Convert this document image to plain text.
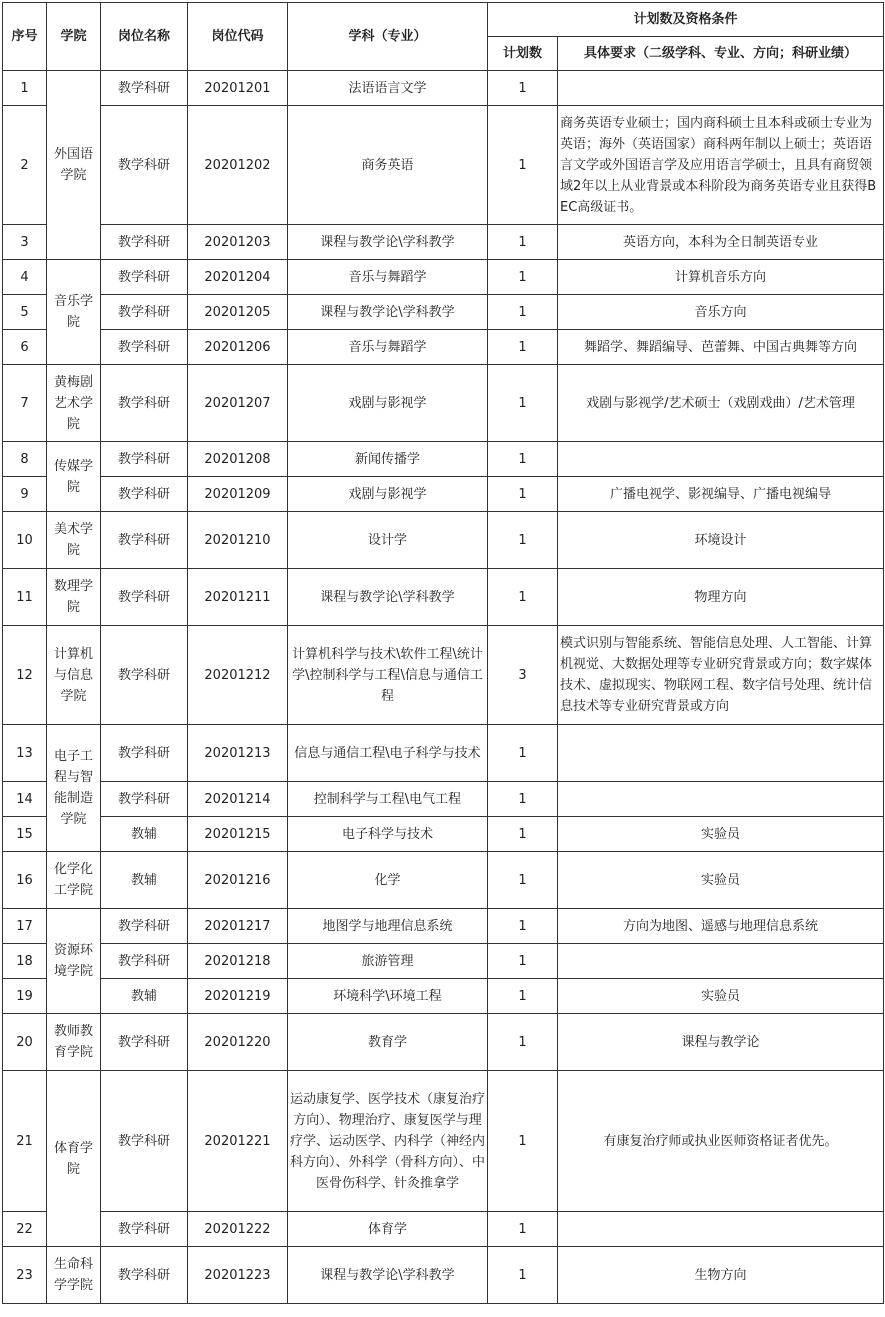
序号	学院	岗位名称	岗位代码	学科（专业）	计划数及资格条件	
					计划数	具体要求（二级学科、专业、方向；科研业绩）
1	外国语学院	教学科研	20201201	法语语言文学	1	
2		教学科研	20201202	商务英语	1	商务英语专业硕士；国内商科硕士且本科或硕士专业为英语；海外（英语国家）商科两年制以上硕士；英语语言文学或外国语言学及应用语言学硕士，且具有商贸领域2年以上从业背景或本科阶段为商务英语专业且获得BEC高级证书。
3		教学科研	20201203	课程与教学论\学科教学	1	英语方向，本科为全日制英语专业
4	音乐学院	教学科研	20201204	音乐与舞蹈学	1	计算机音乐方向
5		教学科研	20201205	课程与教学论\学科教学	1	音乐方向
6		教学科研	20201206	音乐与舞蹈学	1	舞蹈学、舞蹈编导、芭蕾舞、中国古典舞等方向
7	黄梅剧艺术学院	教学科研	20201207	戏剧与影视学	1	戏剧与影视学/艺术硕士（戏剧戏曲）/艺术管理
8	传媒学院	教学科研	20201208	新闻传播学	1	
9		教学科研	20201209	戏剧与影视学	1	广播电视学、影视编导、广播电视编导
10	美术学院	教学科研	20201210	设计学	1	环境设计
11	数理学院	教学科研	20201211	课程与教学论\学科教学	1	物理方向
12	计算机与信息学院	教学科研	20201212	计算机科学与技术\软件工程\统计学\控制科学与工程\信息与通信工程	3	模式识别与智能系统、智能信息处理、人工智能、计算机视觉、大数据处理等专业研究背景或方向；数字媒体技术、虚拟现实、物联网工程、数字信号处理、统计信息技术等专业研究背景或方向
13	电子工程与智能制造学院	教学科研	20201213	信息与通信工程\电子科学与技术	1	
14		教学科研	20201214	控制科学与工程\电气工程	1	
15		教辅	20201215	电子科学与技术	1	实验员
16	化学化工学院	教辅	20201216	化学	1	实验员
17	资源环境学院	教学科研	20201217	地图学与地理信息系统	1	方向为地图、遥感与地理信息系统
18		教学科研	20201218	旅游管理	1	
19		教辅	20201219	环境科学\环境工程	1	实验员
20	教师教育学院	教学科研	20201220	教育学	1	课程与教学论
21	体育学院	教学科研	20201221	运动康复学、医学技术（康复治疗方向）、物理治疗、康复医学与理疗学、运动医学、内科学（神经内科方向）、外科学（骨科方向）、中医骨伤科学、针灸推拿学	1	有康复治疗师或执业医师资格证者优先。
22		教学科研	20201222	体育学	1	
23	生命科学学院	教学科研	20201223	课程与教学论\学科教学	1	生物方向
